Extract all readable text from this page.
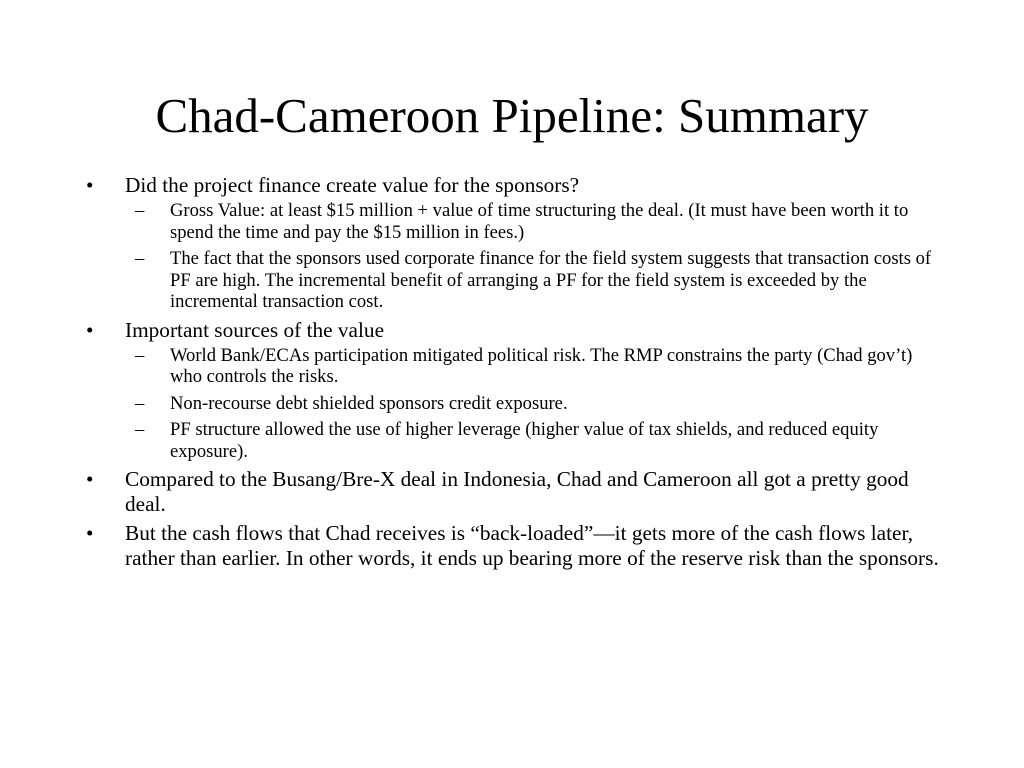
Chad-Cameroon Pipeline: Summary
•	Did the project finance create value for the sponsors?
–	Gross Value: at least $15 million + value of time structuring the deal. (It must have been worth it to spend the time and pay the $15 million in fees.)
–	The fact that the sponsors used corporate finance for the field system suggests that transaction costs of PF are high. The incremental benefit of arranging a PF for the field system is exceeded by the incremental transaction cost.
•	Important sources of the value
–	World Bank/ECAs participation mitigated political risk. The RMP constrains the party (Chad gov’t) who controls the risks.
–	Non-recourse debt shielded sponsors credit exposure.
–	PF structure allowed the use of higher leverage (higher value of tax shields, and reduced equity exposure).
•	Compared to the Busang/Bre-X deal in Indonesia, Chad and Cameroon all got a pretty good deal.
•	But the cash flows that Chad receives is “back-loaded”—it gets more of the cash flows later, rather than earlier. In other words, it ends up bearing more of the reserve risk than the sponsors.
